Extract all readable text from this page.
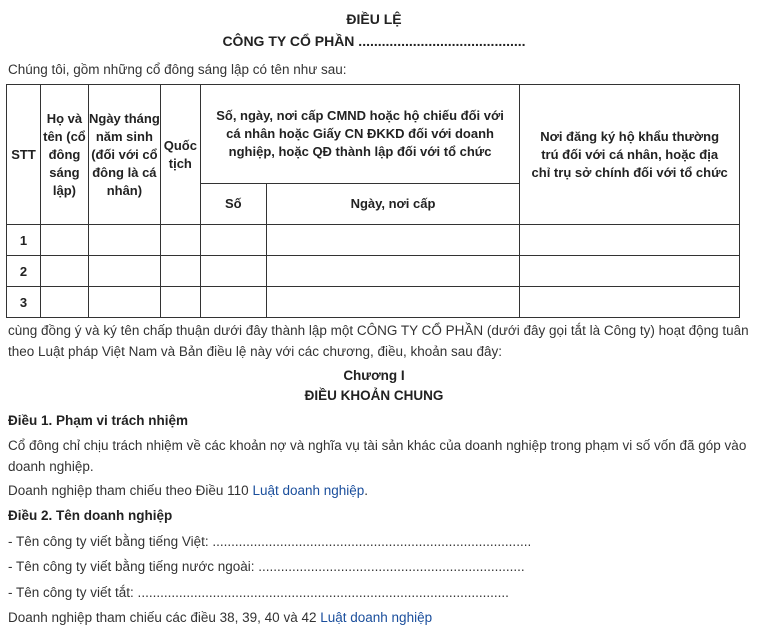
ĐIỀU LỆ
CÔNG TY CỔ PHẦN ...........................................
Chúng tôi, gồm những cổ đông sáng lập có tên như sau:
STT	Họ và tên (cổ đông sáng lập)	Ngày tháng năm sinh (đối với cổ đông là cá nhân)	Quốc tịch	Số, ngày, nơi cấp CMND hoặc hộ chiếu đối với cá nhân hoặc Giấy CN ĐKKD đối với doanh nghiệp, hoặc QĐ thành lập đối với tổ chức		Nơi đăng ký hộ khẩu thường trú đối với cá nhân, hoặc địa chỉ trụ sở chính đối với tổ chức
				Số	Ngày, nơi cấp	
1						
2						
3						
cùng đồng ý và ký tên chấp thuận dưới đây thành lập một CÔNG TY CỔ PHẦN (dưới đây gọi tắt là Công ty) hoạt động tuân theo Luật pháp Việt Nam và Bản điều lệ này với các chương, điều, khoản sau đây:
Chương I
ĐIỀU KHOẢN CHUNG
Điều 1. Phạm vi trách nhiệm
Cổ đông chỉ chịu trách nhiệm về các khoản nợ và nghĩa vụ tài sản khác của doanh nghiệp trong phạm vi số vốn đã góp vào doanh nghiệp.
Doanh nghiệp tham chiếu theo Điều 110 Luật doanh nghiệp.
Điều 2. Tên doanh nghiệp
- Tên công ty viết bằng tiếng Việt: .....................................................................................
- Tên công ty viết bằng tiếng nước ngoài: .......................................................................
- Tên công ty viết tắt: ...................................................................................................
Doanh nghiệp tham chiếu các điều 38, 39, 40 và 42 Luật doanh nghiệp
